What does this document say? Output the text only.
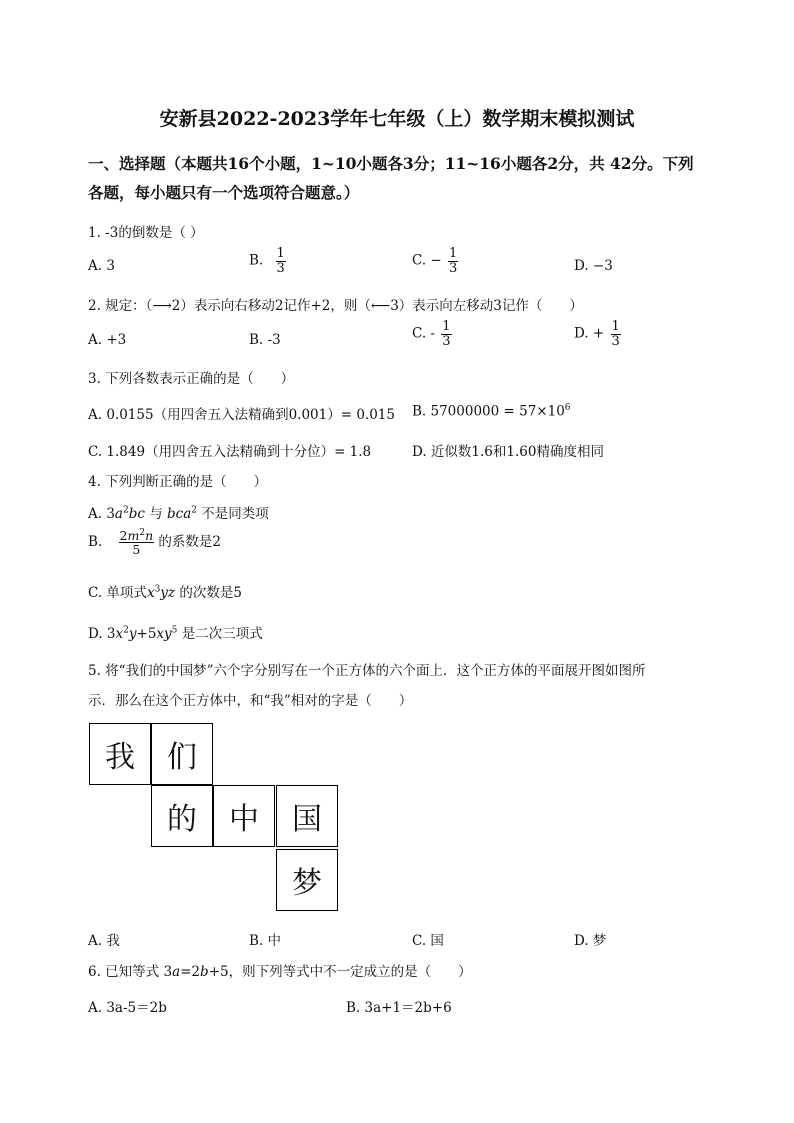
安新县2022-2023学年七年级（上）数学期末模拟测试
一、选择题（本题共16个小题，1~10小题各3分；11~16小题各2分，共 42分。下列
各题，每小题只有一个选项符合题意。）
1. -3的倒数是（ ）
A. 3	B. $\frac{1}{3}$	C. − $\frac{1}{3}$	D. −3
2. 规定：（⟶2）表示向右移动2记作+2，则（⟵3）表示向左移动3记作（　　）
A. +3	B. -3	C. - $\frac{1}{3}$	D. + $\frac{1}{3}$
3. 下列各数表示正确的是（　　）
A. 0.0155（用四舍五入法精确到0.001）= 0.015 B. $57000000 = 57\times 10^6$
C. 1.849（用四舍五入法精确到十分位）= 1.8	D. 近似数1.6和1.60精确度相同
4. 下列判断正确的是（　　）
A. $3a^2bc$ 与 bca$^2$ 不是同类项
B. $\frac{2m^2n}{5}$ 的系数是2
C. 单项式$x^3yz$ 的次数是5
D. $3x^2y+5xy^5$ 是二次三项式
5. 将“我们的中国梦”六个字分别写在一个正方体的六个面上．这个正方体的平面展开图如图所
示．那么在这个正方体中，和“我”相对的字是（　　）
我	们
的	中	国
梦
A. 我	B. 中	C. 国	D. 梦
6. 已知等式 3a=2b+5，则下列等式中不一定成立的是（　　）
A. 3a-5＝2b	B. 3a+1＝2b+6
